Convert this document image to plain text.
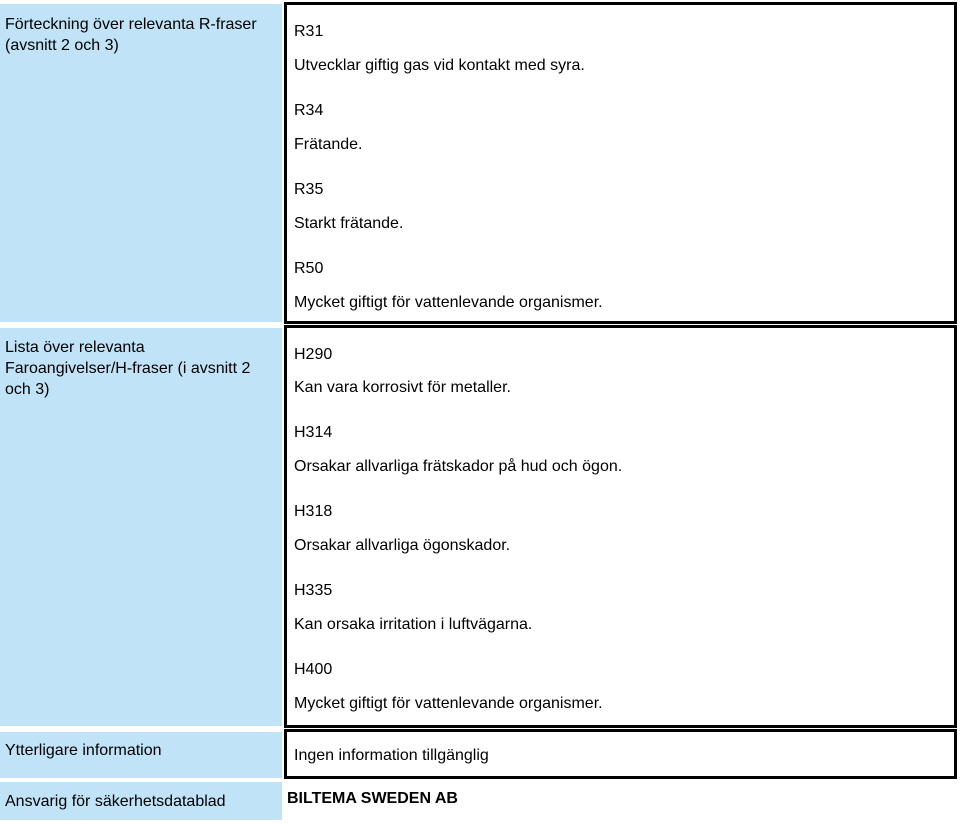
Förteckning över relevanta R-fraser (avsnitt 2 och 3)
R31
Utvecklar giftig gas vid kontakt med syra.
R34
Frätande.
R35
Starkt frätande.
R50
Mycket giftigt för vattenlevande organismer.
Lista över relevanta Faroangivelser/H-fraser (i avsnitt 2 och 3)
H290
Kan vara korrosivt för metaller.
H314
Orsakar allvarliga frätskador på hud och ögon.
H318
Orsakar allvarliga ögonskador.
H335
Kan orsaka irritation i luftvägarna.
H400
Mycket giftigt för vattenlevande organismer.
Ytterligare information	Ingen information tillgänglig
Ansvarig för säkerhetsdatablad	BILTEMA SWEDEN AB
